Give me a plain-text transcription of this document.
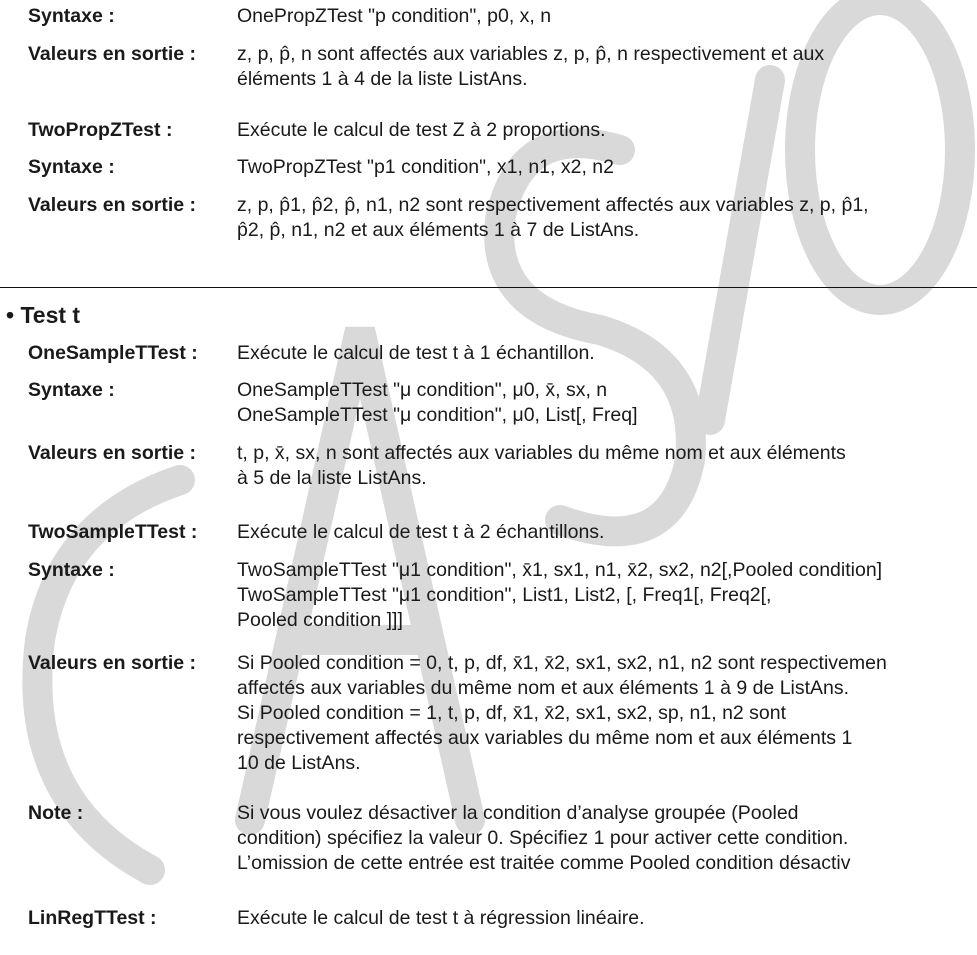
Syntaxe :	OnePropZTest "p condition", p0, x, n
Valeurs en sortie : z, p, p̂, n sont affectés aux variables z, p, p̂, n respectivement et aux
éléments 1 à 4 de la liste ListAns.
TwoPropZTest :	Exécute le calcul de test Z à 2 proportions.
Syntaxe :	TwoPropZTest "p1 condition", x1, n1, x2, n2
Valeurs en sortie : z, p, p̂1, p̂2, p̂, n1, n2 sont respectivement affectés aux variables z, p, p̂1,
p̂2, p̂, n1, n2 et aux éléments 1 à 7 de ListAns.
• Test t
OneSampleTTest : Exécute le calcul de test t à 1 échantillon.
Syntaxe :	OneSampleTTest "μ condition", μ0, x̄, sx, n
OneSampleTTest "μ condition", μ0, List[, Freq]
Valeurs en sortie : t, p, x̄, sx, n sont affectés aux variables du même nom et aux éléments
à 5 de la liste ListAns.
TwoSampleTTest : Exécute le calcul de test t à 2 échantillons.
Syntaxe :	TwoSampleTTest "μ1 condition", x̄1, sx1, n1, x̄2, sx2, n2[,Pooled condition]
TwoSampleTTest "μ1 condition", List1, List2, [, Freq1[, Freq2[,
Pooled condition ]]]
Valeurs en sortie : Si Pooled condition = 0, t, p, df, x̄1, x̄2, sx1, sx2, n1, n2 sont respectivemen
affectés aux variables du même nom et aux éléments 1 à 9 de ListAns.
Si Pooled condition = 1, t, p, df, x̄1, x̄2, sx1, sx2, sp, n1, n2 sont
respectivement affectés aux variables du même nom et aux éléments 1
10 de ListAns.
Note :	Si vous voulez désactiver la condition d’analyse groupée (Pooled
condition) spécifiez la valeur 0. Spécifiez 1 pour activer cette condition.
L’omission de cette entrée est traitée comme Pooled condition désactiv
LinRegTTest :	Exécute le calcul de test t à régression linéaire.
